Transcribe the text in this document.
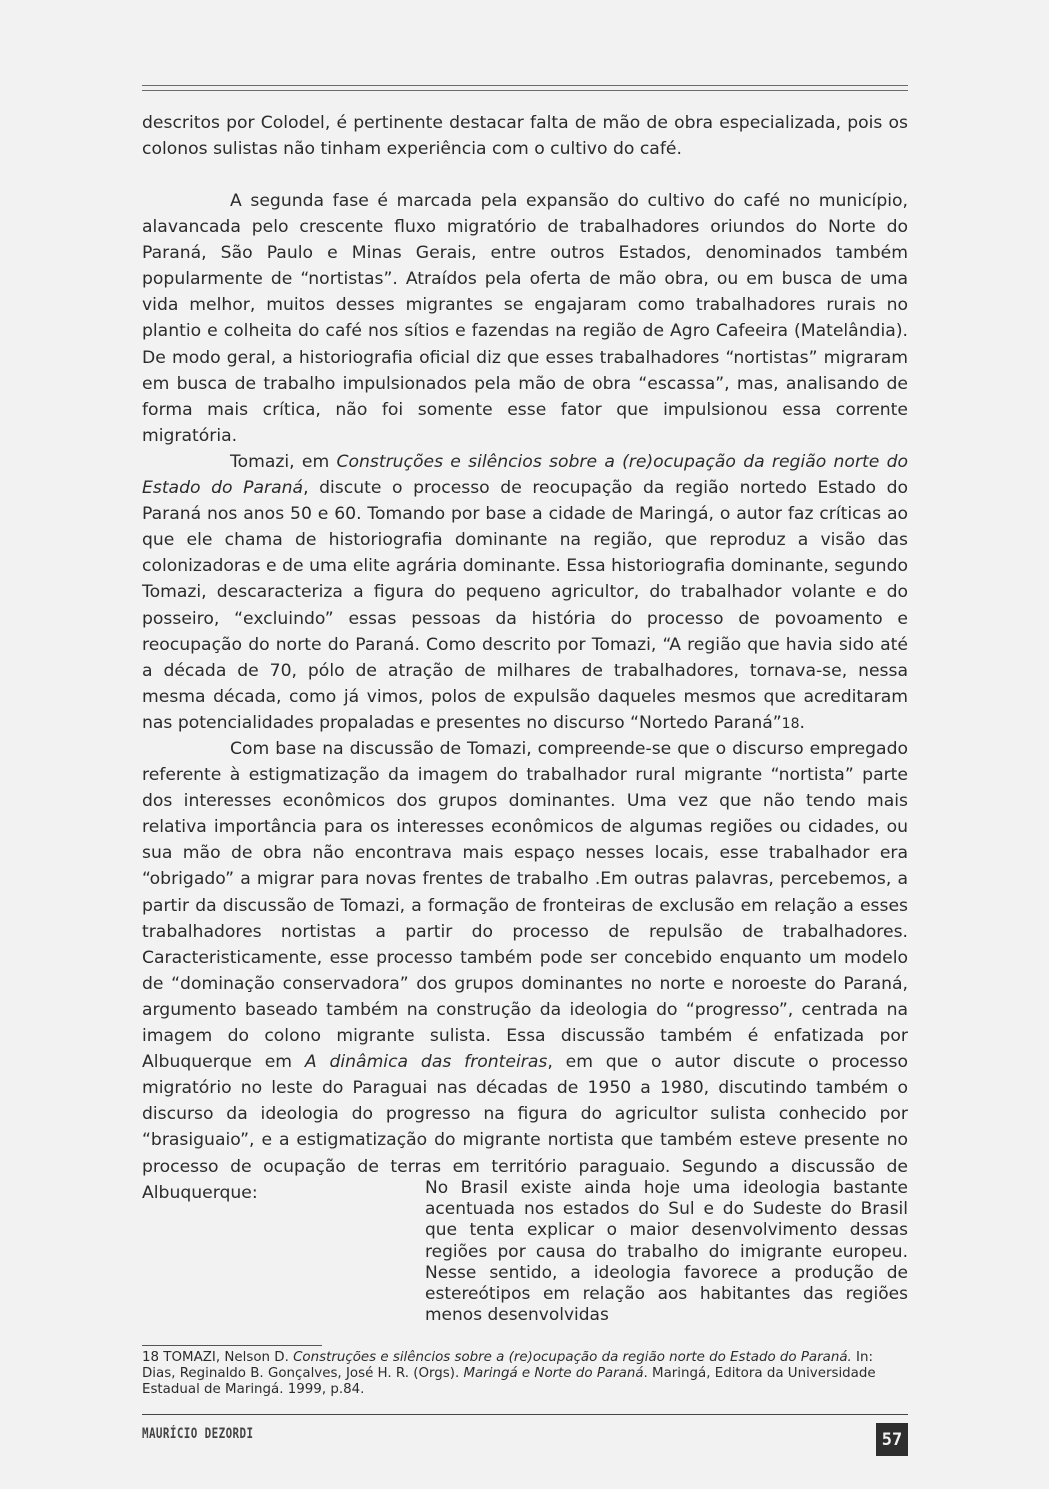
descritos por Colodel, é pertinente destacar falta de mão de obra especializada, pois os colonos sulistas não tinham experiência com o cultivo do café.

A segunda fase é marcada pela expansão do cultivo do café no município, alavancada pelo crescente fluxo migratório de trabalhadores oriundos do Norte do Paraná, São Paulo e Minas Gerais, entre outros Estados, denominados também popularmente de “nortistas”. Atraídos pela oferta de mão obra, ou em busca de uma vida melhor, muitos desses migrantes se engajaram como trabalhadores rurais no plantio e colheita do café nos sítios e fazendas na região de Agro Cafeeira (Matelândia). De modo geral, a historiografia oficial diz que esses trabalhadores “nortistas” migraram em busca de trabalho impulsionados pela mão de obra “escassa”, mas, analisando de forma mais crítica, não foi somente esse fator que impulsionou essa corrente migratória.

Tomazi, em Construções e silêncios sobre a (re)ocupação da região norte do Estado do Paraná, discute o processo de reocupação da região nortedo Estado do Paraná nos anos 50 e 60. Tomando por base a cidade de Maringá, o autor faz críticas ao que ele chama de historiografia dominante na região, que reproduz a visão das colonizadoras e de uma elite agrária dominante. Essa historiografia dominante, segundo Tomazi, descaracteriza a figura do pequeno agricultor, do trabalhador volante e do posseiro, “excluindo” essas pessoas da história do processo de povoamento e reocupação do norte do Paraná. Como descrito por Tomazi, “A região que havia sido até a década de 70, pólo de atração de milhares de trabalhadores, tornava-se, nessa mesma década, como já vimos, polos de expulsão daqueles mesmos que acreditaram nas potencialidades propaladas e presentes no discurso “Nortedo Paraná”18.

Com base na discussão de Tomazi, compreende-se que o discurso empregado referente à estigmatização da imagem do trabalhador rural migrante “nortista” parte dos interesses econômicos dos grupos dominantes. Uma vez que não tendo mais relativa importância para os interesses econômicos de algumas regiões ou cidades, ou sua mão de obra não encontrava mais espaço nesses locais, esse trabalhador era “obrigado” a migrar para novas frentes de trabalho .Em outras palavras, percebemos, a partir da discussão de Tomazi, a formação de fronteiras de exclusão em relação a esses trabalhadores nortistas a partir do processo de repulsão de trabalhadores. Caracteristicamente, esse processo também pode ser concebido enquanto um modelo de “dominação conservadora” dos grupos dominantes no norte e noroeste do Paraná, argumento baseado também na construção da ideologia do “progresso”, centrada na imagem do colono migrante sulista. Essa discussão também é enfatizada por Albuquerque em A dinâmica das fronteiras, em que o autor discute o processo migratório no leste do Paraguai nas décadas de 1950 a 1980, discutindo também o discurso da ideologia do progresso na figura do agricultor sulista conhecido por “brasiguaio”, e a estigmatização do migrante nortista que também esteve presente no processo de ocupação de terras em território paraguaio. Segundo a discussão de Albuquerque:	No Brasil existe ainda hoje uma ideologia bastante acentuada nos estados do Sul e do Sudeste do Brasil que tenta explicar o maior desenvolvimento dessas regiões por causa do trabalho do imigrante europeu. Nesse sentido, a ideologia favorece a produção de estereótipos em relação aos habitantes das regiões menos desenvolvidas

18 TOMAZI, Nelson D. Construções e silêncios sobre a (re)ocupação da região norte do Estado do Paraná. In: Dias, Reginaldo B. Gonçalves, José H. R. (Orgs). Maringá e Norte do Paraná. Maringá, Editora da Universidade Estadual de Maringá. 1999, p.84.

MAURÍCIO DEZORDI	57
